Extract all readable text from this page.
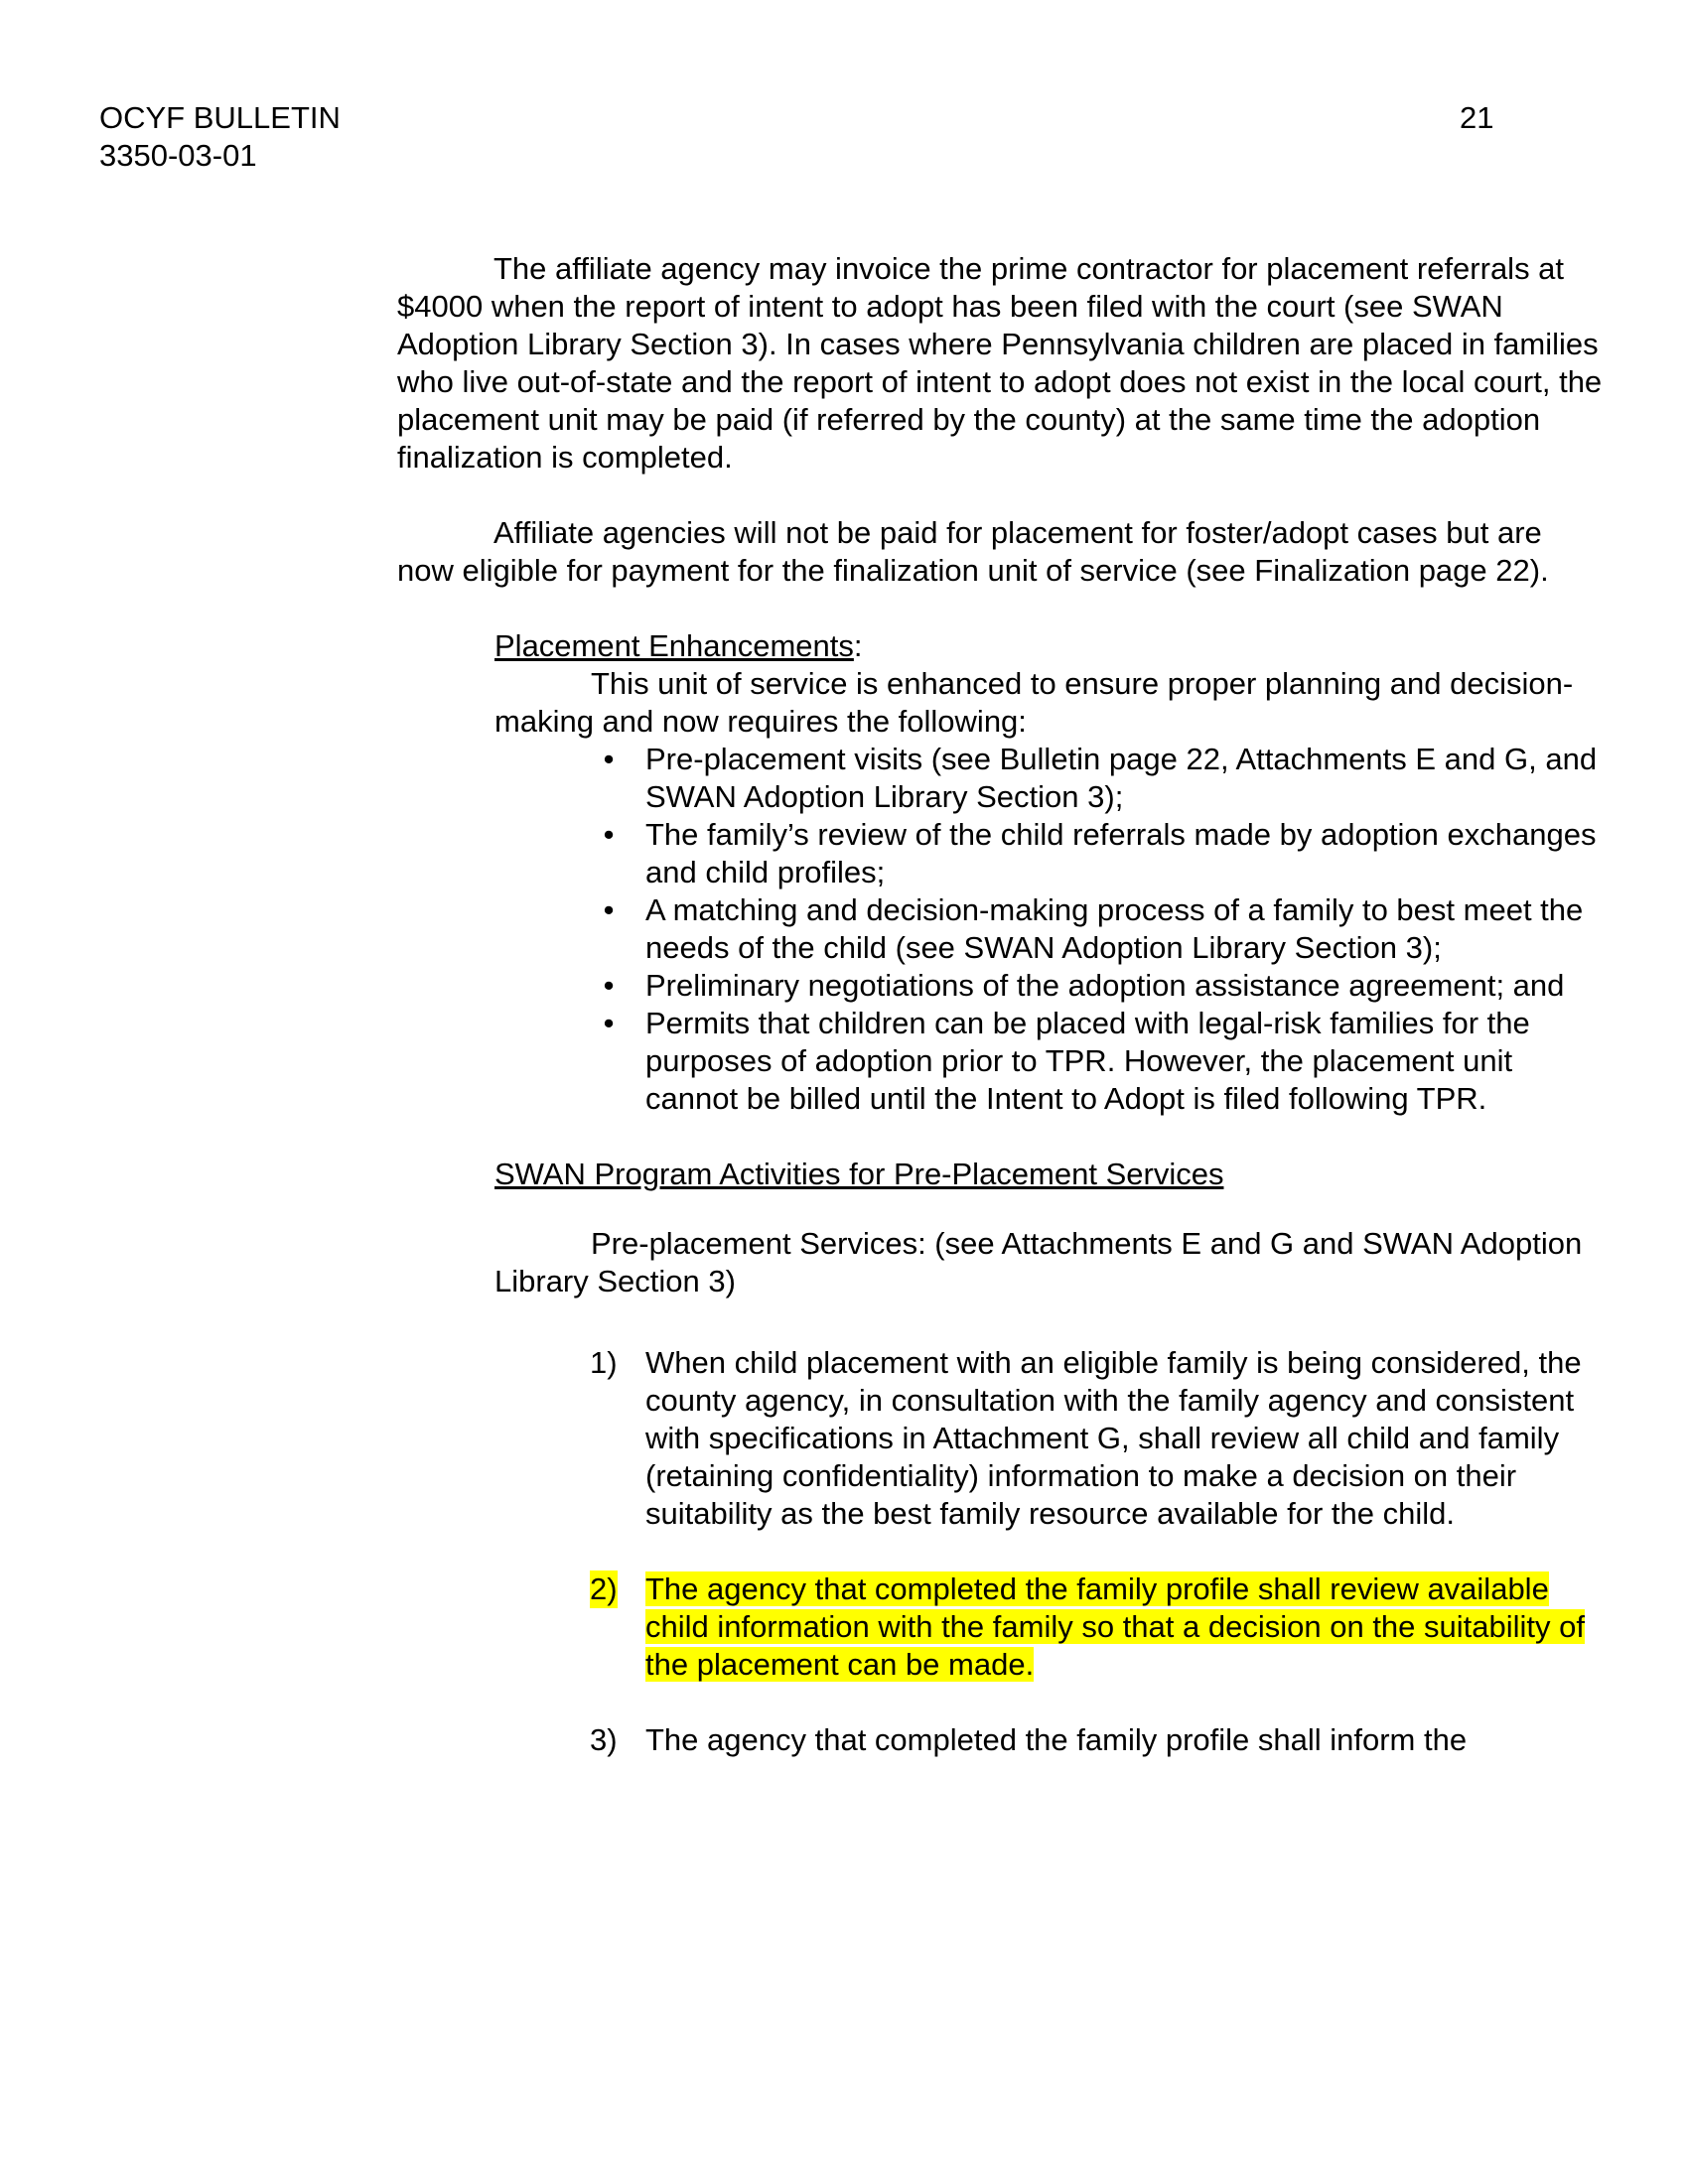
OCYF BULLETIN
3350-03-01
21

The affiliate agency may invoice the prime contractor for placement referrals at $4000 when the report of intent to adopt has been filed with the court (see SWAN Adoption Library Section 3). In cases where Pennsylvania children are placed in families who live out-of-state and the report of intent to adopt does not exist in the local court, the placement unit may be paid (if referred by the county) at the same time the adoption finalization is completed.

Affiliate agencies will not be paid for placement for foster/adopt cases but are now eligible for payment for the finalization unit of service (see Finalization page 22).

Placement Enhancements:

This unit of service is enhanced to ensure proper planning and decision-making and now requires the following:

•	Pre-placement visits (see Bulletin page 22, Attachments E and G, and SWAN Adoption Library Section 3);
•	The family’s review of the child referrals made by adoption exchanges and child profiles;
•	A matching and decision-making process of a family to best meet the needs of the child (see SWAN Adoption Library Section 3);
•	Preliminary negotiations of the adoption assistance agreement; and
•	Permits that children can be placed with legal-risk families for the purposes of adoption prior to TPR. However, the placement unit cannot be billed until the Intent to Adopt is filed following TPR.

SWAN Program Activities for Pre-Placement Services

Pre-placement Services: (see Attachments E and G and SWAN Adoption Library Section 3)

1) When child placement with an eligible family is being considered, the county agency, in consultation with the family agency and consistent with specifications in Attachment G, shall review all child and family (retaining confidentiality) information to make a decision on their suitability as the best family resource available for the child.
2) The agency that completed the family profile shall review available child information with the family so that a decision on the suitability of the placement can be made.
3) The agency that completed the family profile shall inform the
